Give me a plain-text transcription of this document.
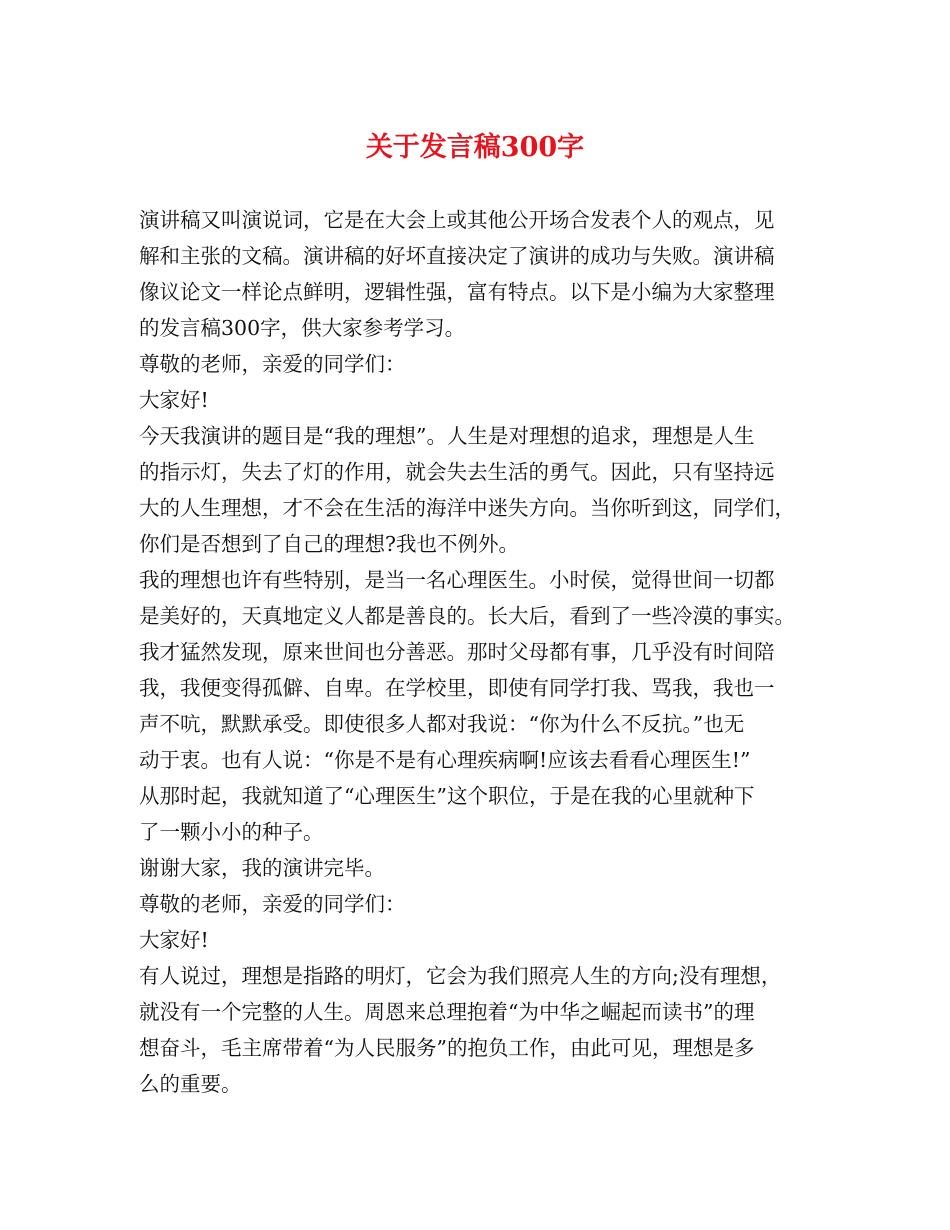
关于发言稿300字
演讲稿又叫演说词，它是在大会上或其他公开场合发表个人的观点，见
解和主张的文稿。演讲稿的好坏直接决定了演讲的成功与失败。演讲稿
像议论文一样论点鲜明，逻辑性强，富有特点。以下是小编为大家整理
的发言稿300字，供大家参考学习。
尊敬的老师，亲爱的同学们：
大家好!
今天我演讲的题目是“我的理想”。人生是对理想的追求，理想是人生
的指示灯，失去了灯的作用，就会失去生活的勇气。因此，只有坚持远
大的人生理想，才不会在生活的海洋中迷失方向。当你听到这，同学们，
你们是否想到了自己的理想?我也不例外。
我的理想也许有些特别，是当一名心理医生。小时侯，觉得世间一切都
是美好的，天真地定义人都是善良的。长大后，看到了一些冷漠的事实。
我才猛然发现，原来世间也分善恶。那时父母都有事，几乎没有时间陪
我，我便变得孤僻、自卑。在学校里，即使有同学打我、骂我，我也一
声不吭，默默承受。即使很多人都对我说：“你为什么不反抗。”也无
动于衷。也有人说：“你是不是有心理疾病啊!应该去看看心理医生!”
从那时起，我就知道了“心理医生”这个职位，于是在我的心里就种下
了一颗小小的种子。
谢谢大家，我的演讲完毕。
尊敬的老师，亲爱的同学们：
大家好!
有人说过，理想是指路的明灯，它会为我们照亮人生的方向;没有理想，
就没有一个完整的人生。周恩来总理抱着“为中华之崛起而读书”的理
想奋斗，毛主席带着“为人民服务”的抱负工作，由此可见，理想是多
么的重要。
